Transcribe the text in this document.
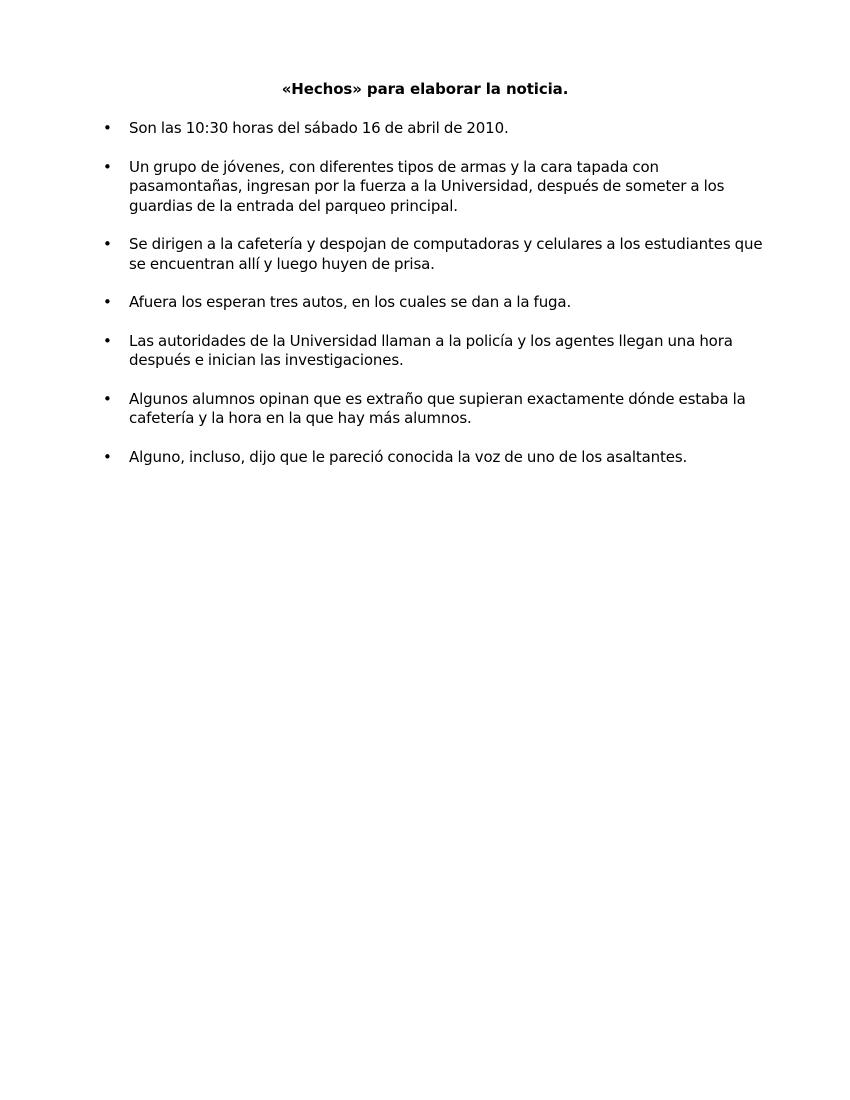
«Hechos» para elaborar la noticia.
• Son las 10:30 horas del sábado 16 de abril de 2010.
• Un grupo de jóvenes, con diferentes tipos de armas y la cara tapada con pasamontañas, ingresan por la fuerza a la Universidad, después de someter a los guardias de la entrada del parqueo principal.
• Se dirigen a la cafetería y despojan de computadoras y celulares a los estudiantes que se encuentran allí y luego huyen de prisa.
• Afuera los esperan tres autos, en los cuales se dan a la fuga.
• Las autoridades de la Universidad llaman a la policía y los agentes llegan una hora después e inician las investigaciones.
• Algunos alumnos opinan que es extraño que supieran exactamente dónde estaba la cafetería y la hora en la que hay más alumnos.
• Alguno, incluso, dijo que le pareció conocida la voz de uno de los asaltantes.
